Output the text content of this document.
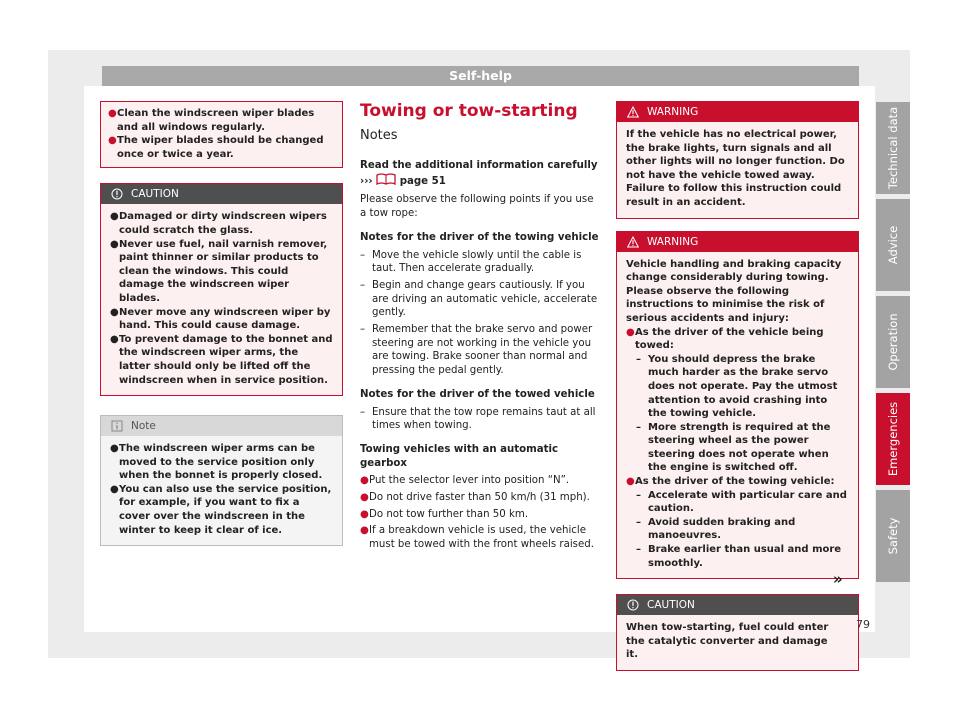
Self-help
Technical data
Advice
Operation
Emergencies
Safety
● Clean the windscreen wiper blades and all windows regularly.
● The wiper blades should be changed once or twice a year.
CAUTION
● Damaged or dirty windscreen wipers could scratch the glass.
● Never use fuel, nail varnish remover, paint thinner or similar products to clean the windows. This could damage the windscreen wiper blades.
● Never move any windscreen wiper by hand. This could cause damage.
● To prevent damage to the bonnet and the windscreen wiper arms, the latter should only be lifted off the windscreen when in service position.
Note
● The windscreen wiper arms can be moved to the service position only when the bonnet is properly closed.
● You can also use the service position, for example, if you want to fix a cover over the windscreen in the winter to keep it clear of ice.
Towing or tow-starting
Notes
Read the additional information carefully
›››	page 51

Please observe the following points if you use a tow rope:

Notes for the driver of the towing vehicle

– Move the vehicle slowly until the cable is taut. Then accelerate gradually.
– Begin and change gears cautiously. If you are driving an automatic vehicle, accelerate gently.
– Remember that the brake servo and power steering are not working in the vehicle you are towing. Brake sooner than normal and pressing the pedal gently.

Notes for the driver of the towed vehicle

– Ensure that the tow rope remains taut at all times when towing.

Towing vehicles with an automatic gearbox

● Put the selector lever into position “N”.
● Do not drive faster than 50 km/h (31 mph).
● Do not tow further than 50 km.
● If a breakdown vehicle is used, the vehicle must be towed with the front wheels raised.
WARNING
If the vehicle has no electrical power, the brake lights, turn signals and all other lights will no longer function. Do not have the vehicle towed away. Failure to follow this instruction could result in an accident.
WARNING
Vehicle handling and braking capacity change considerably during towing. Please observe the following instructions to minimise the risk of serious accidents and injury:
● As the driver of the vehicle being towed:
– You should depress the brake much harder as the brake servo does not operate. Pay the utmost attention to avoid crashing into the towing vehicle.
– More strength is required at the steering wheel as the power steering does not operate when the engine is switched off.
● As the driver of the towing vehicle:
– Accelerate with particular care and caution.
– Avoid sudden braking and manoeuvres.
– Brake earlier than usual and more smoothly.
CAUTION
When tow-starting, fuel could enter the catalytic converter and damage it.
»
79
